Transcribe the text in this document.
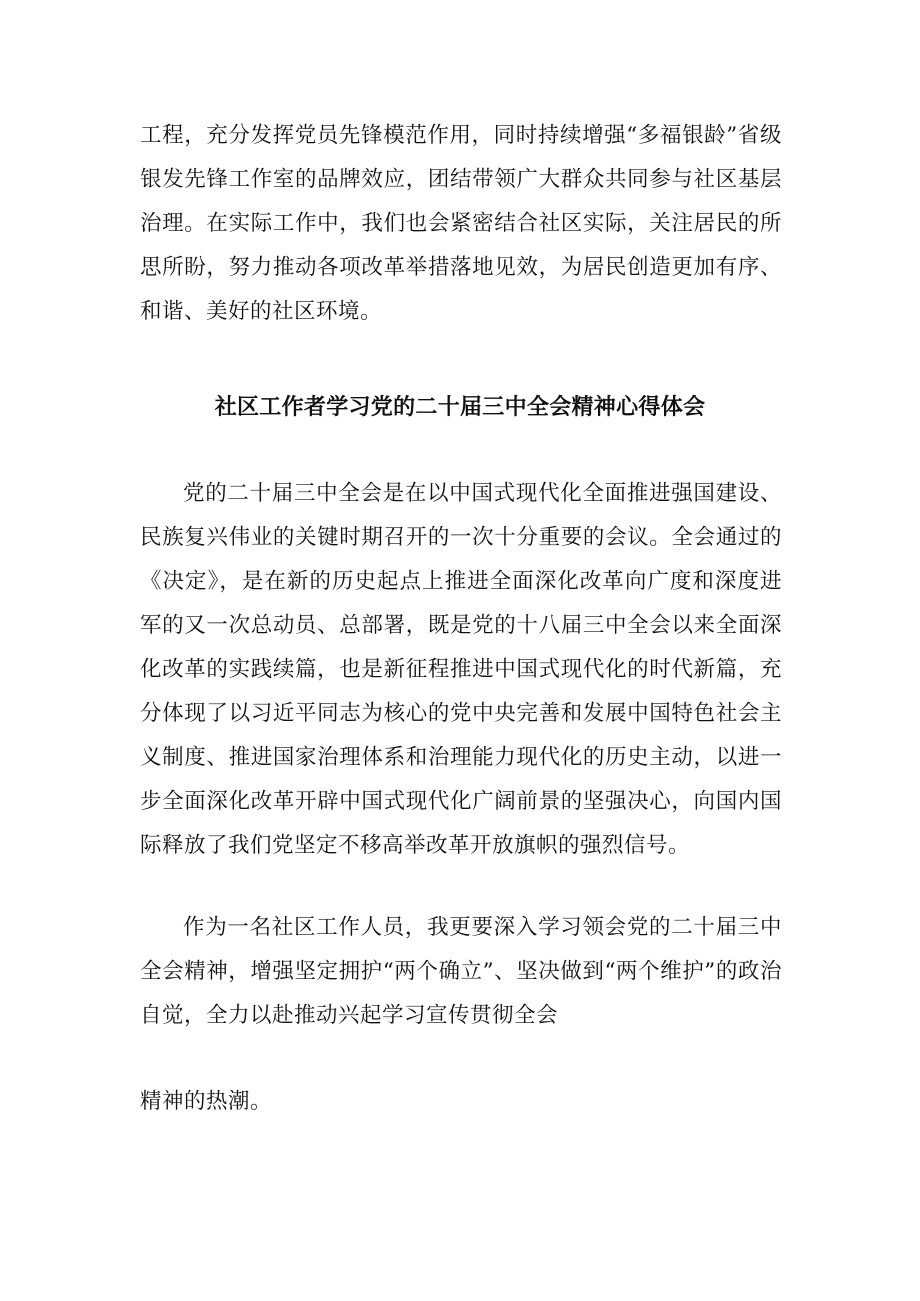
工程，充分发挥党员先锋模范作用，同时持续增强“多福银龄”省级银发先锋工作室的品牌效应，团结带领广大群众共同参与社区基层治理。在实际工作中，我们也会紧密结合社区实际，关注居民的所思所盼，努力推动各项改革举措落地见效，为居民创造更加有序、和谐、美好的社区环境。

社区工作者学习党的二十届三中全会精神心得体会

党的二十届三中全会是在以中国式现代化全面推进强国建设、民族复兴伟业的关键时期召开的一次十分重要的会议。全会通过的《决定》，是在新的历史起点上推进全面深化改革向广度和深度进军的又一次总动员、总部署，既是党的十八届三中全会以来全面深化改革的实践续篇，也是新征程推进中国式现代化的时代新篇，充分体现了以习近平同志为核心的党中央完善和发展中国特色社会主义制度、推进国家治理体系和治理能力现代化的历史主动，以进一步全面深化改革开辟中国式现代化广阔前景的坚强决心，向国内国际释放了我们党坚定不移高举改革开放旗帜的强烈信号。

作为一名社区工作人员，我更要深入学习领会党的二十届三中全会精神，增强坚定拥护“两个确立”、坚决做到“两个维护”的政治自觉，全力以赴推动兴起学习宣传贯彻全会

精神的热潮。
